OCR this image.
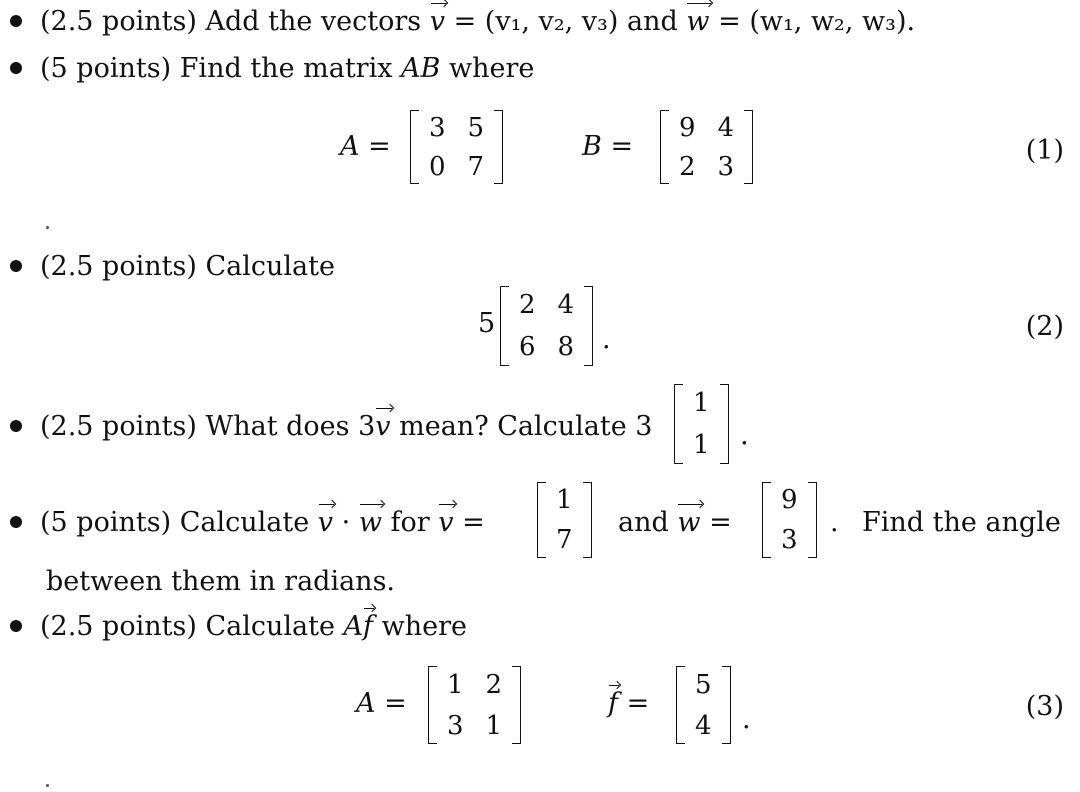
(2.5 points) Add the vectors v = (v₁, v₂, v₃) and w = (w₁, w₂, w₃).
(5 points) Find the matrix AB where
A =
3 5
0 7
B =
9 4
2 3
(1)
(2.5 points) Calculate
5
2 4
6 8 .	(2)
(2.5 points) What does 3v mean? Calculate 3
1
1 .
(5 points) Calculate v · w for v =
1
7
and w =
9
3
. Find the angle
between them in radians.
(2.5 points) Calculate Af where
A =
1 2
3 1
f =
5
4 .	(3)
